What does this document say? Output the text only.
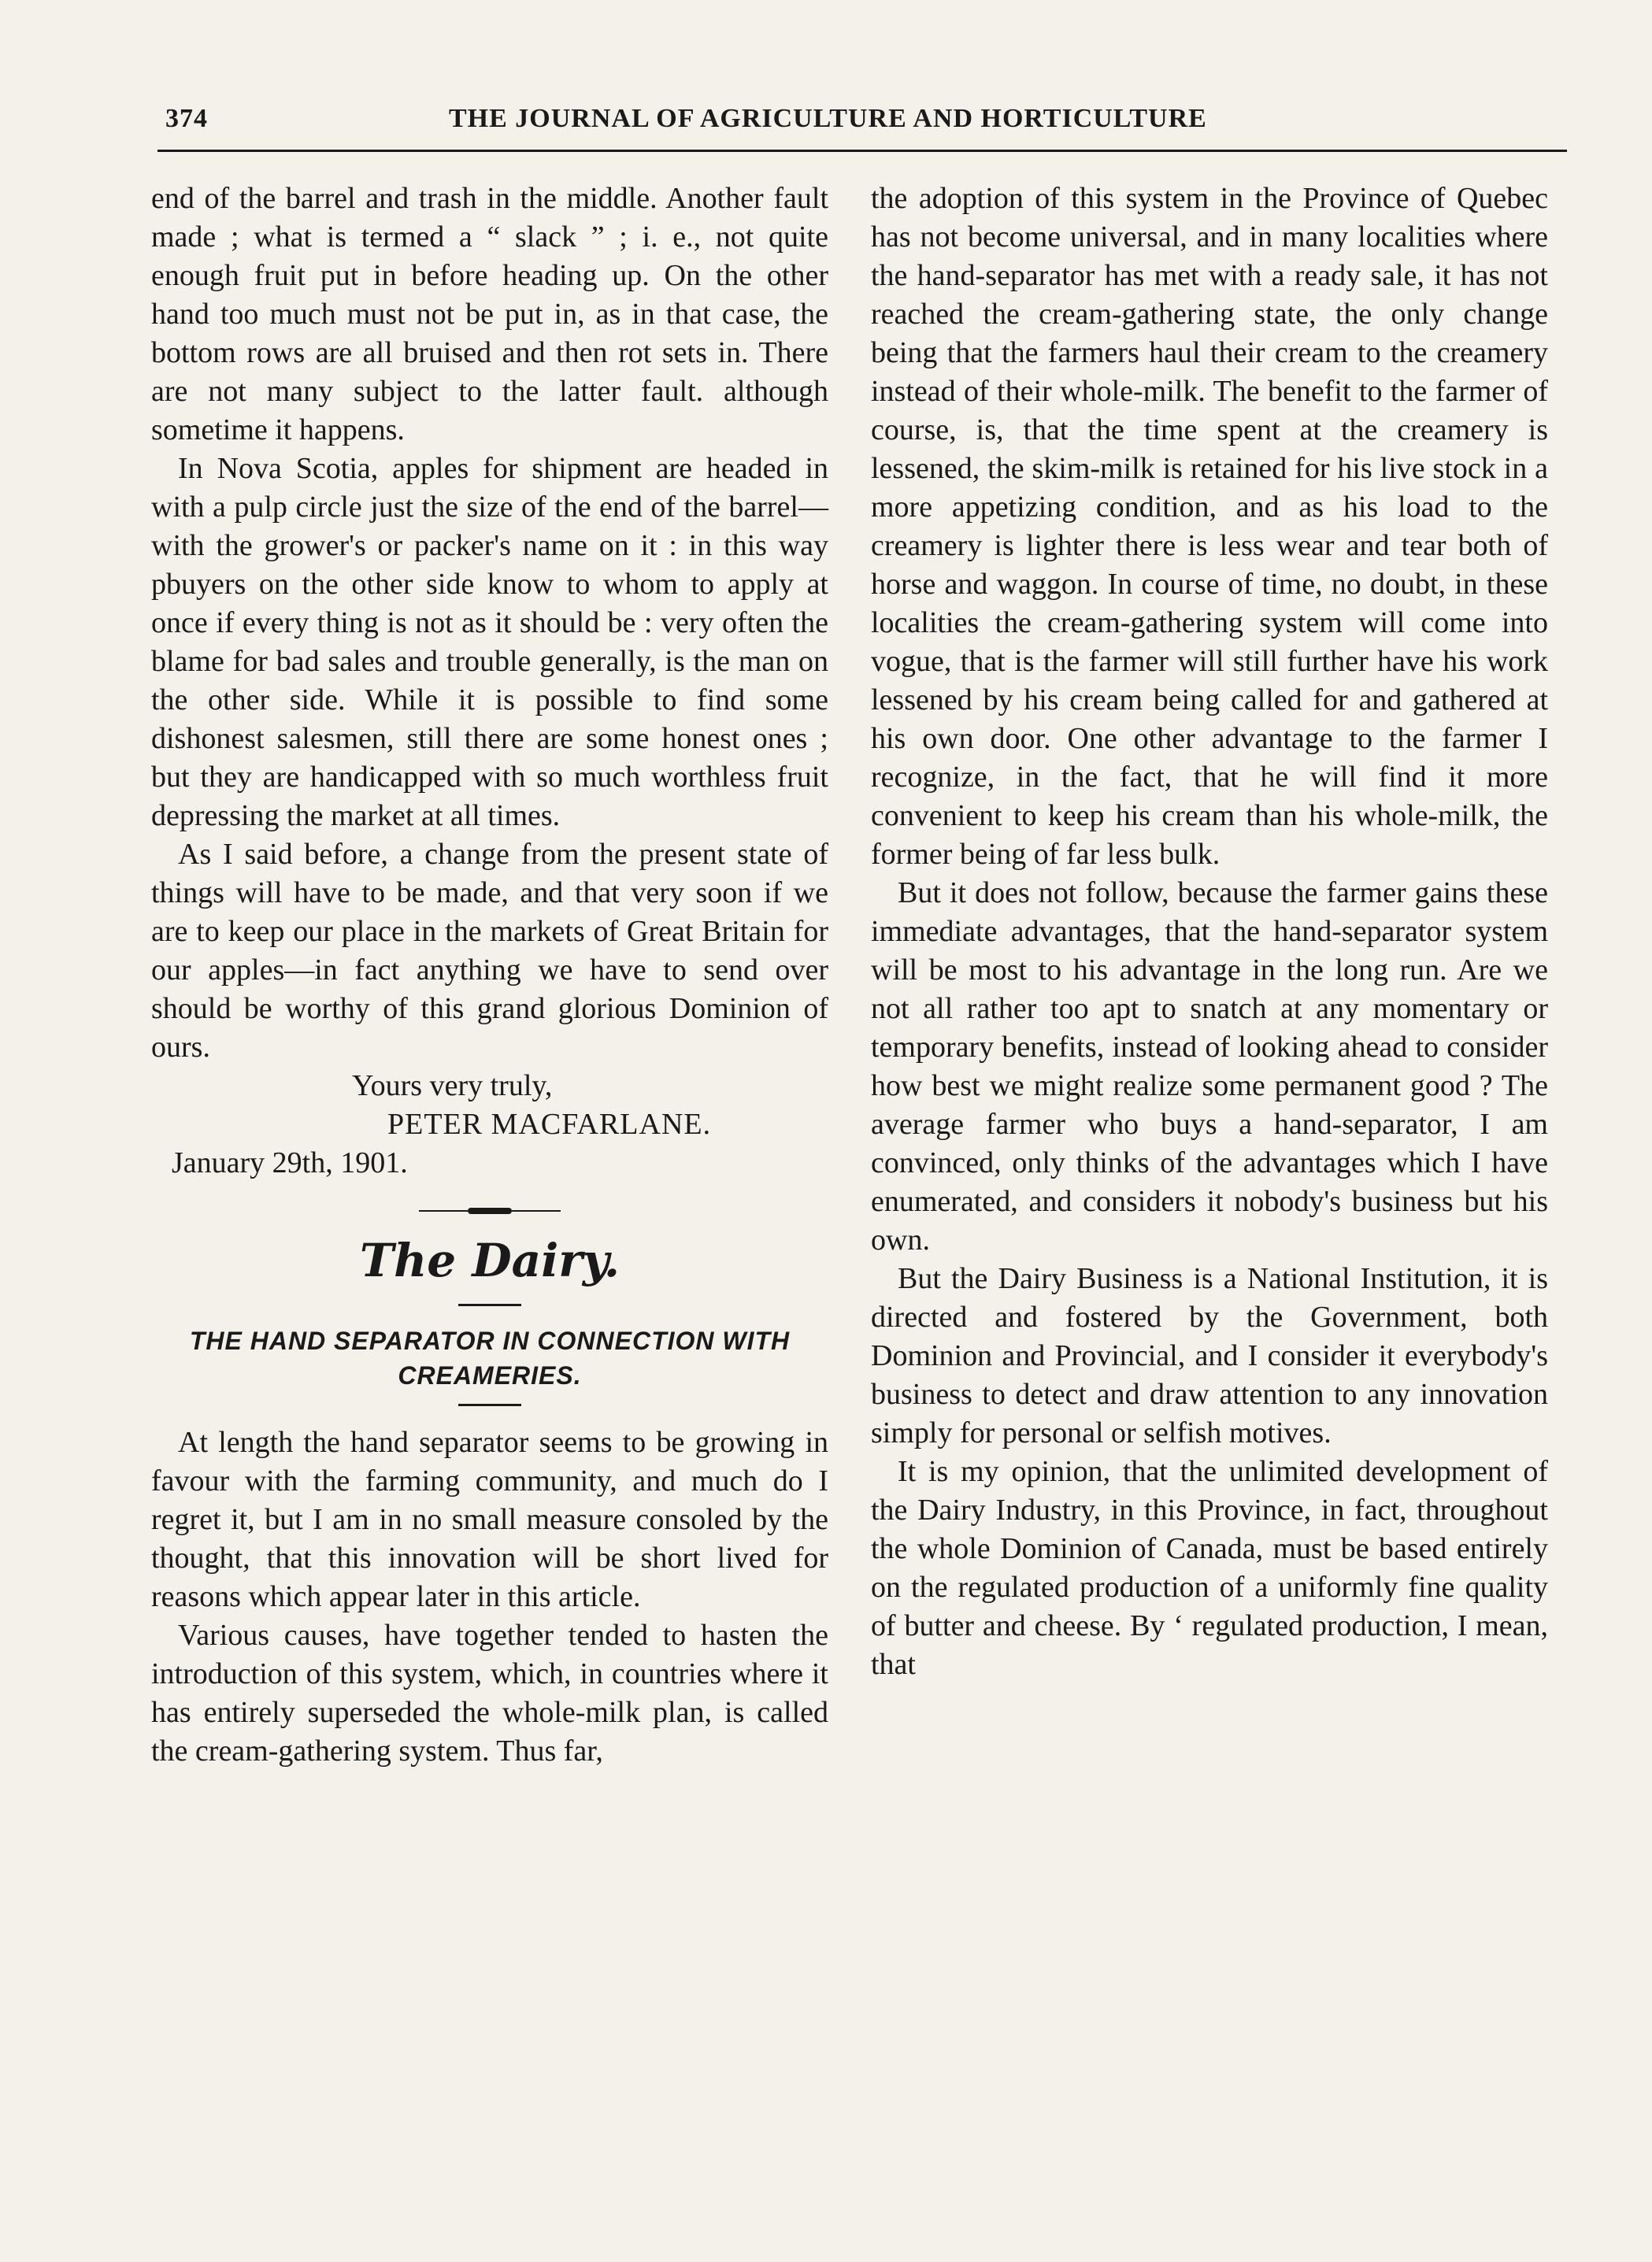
374	THE JOURNAL OF AGRICULTURE AND HORTICULTURE

end of the barrel and trash in the middle. Another fault made ; what is termed a “ slack ” ; i. e., not quite enough fruit put in before heading up. On the other hand too much must not be put in, as in that case, the bottom rows are all bruised and then rot sets in. There are not many subject to the latter fault. although sometime it happens.

In Nova Scotia, apples for shipment are headed in with a pulp circle just the size of the end of the barrel—with the grower's or packer's name on it : in this way pbuyers on the other side know to whom to apply at once if every thing is not as it should be : very often the blame for bad sales and trouble generally, is the man on the other side. While it is possible to find some dishonest salesmen, still there are some honest ones ; but they are handicapped with so much worthless fruit depressing the market at all times.

As I said before, a change from the present state of things will have to be made, and that very soon if we are to keep our place in the markets of Great Britain for our apples—in fact anything we have to send over should be worthy of this grand glorious Dominion of ours.

Yours very truly,

PETER MACFARLANE.

January 29th, 1901.

The Dairy.
THE HAND SEPARATOR IN CONNECTION WITH CREAMERIES.

At length the hand separator seems to be growing in favour with the farming community, and much do I regret it, but I am in no small measure consoled by the thought, that this innovation will be short lived for reasons which appear later in this article.

Various causes, have together tended to hasten the introduction of this system, which, in countries where it has entirely superseded the whole-milk plan, is called the cream-gathering system. Thus far,

the adoption of this system in the Province of Quebec has not become universal, and in many localities where the hand-separator has met with a ready sale, it has not reached the cream-gathering state, the only change being that the farmers haul their cream to the creamery instead of their whole-milk. The benefit to the farmer of course, is, that the time spent at the creamery is lessened, the skim-milk is retained for his live stock in a more appetizing condition, and as his load to the creamery is lighter there is less wear and tear both of horse and waggon. In course of time, no doubt, in these localities the cream-gathering system will come into vogue, that is the farmer will still further have his work lessened by his cream being called for and gathered at his own door. One other advantage to the farmer I recognize, in the fact, that he will find it more convenient to keep his cream than his whole-milk, the former being of far less bulk.

But it does not follow, because the farmer gains these immediate advantages, that the hand-separator system will be most to his advantage in the long run. Are we not all rather too apt to snatch at any momentary or temporary benefits, instead of looking ahead to consider how best we might realize some permanent good ? The average farmer who buys a hand-separator, I am convinced, only thinks of the advantages which I have enumerated, and considers it nobody's business but his own.

But the Dairy Business is a National Institution, it is directed and fostered by the Government, both Dominion and Provincial, and I consider it everybody's business to detect and draw attention to any innovation simply for personal or selfish motives.

It is my opinion, that the unlimited development of the Dairy Industry, in this Province, in fact, throughout the whole Dominion of Canada, must be based entirely on the regulated production of a uniformly fine quality of butter and cheese. By ‘ regulated production, I mean, that
